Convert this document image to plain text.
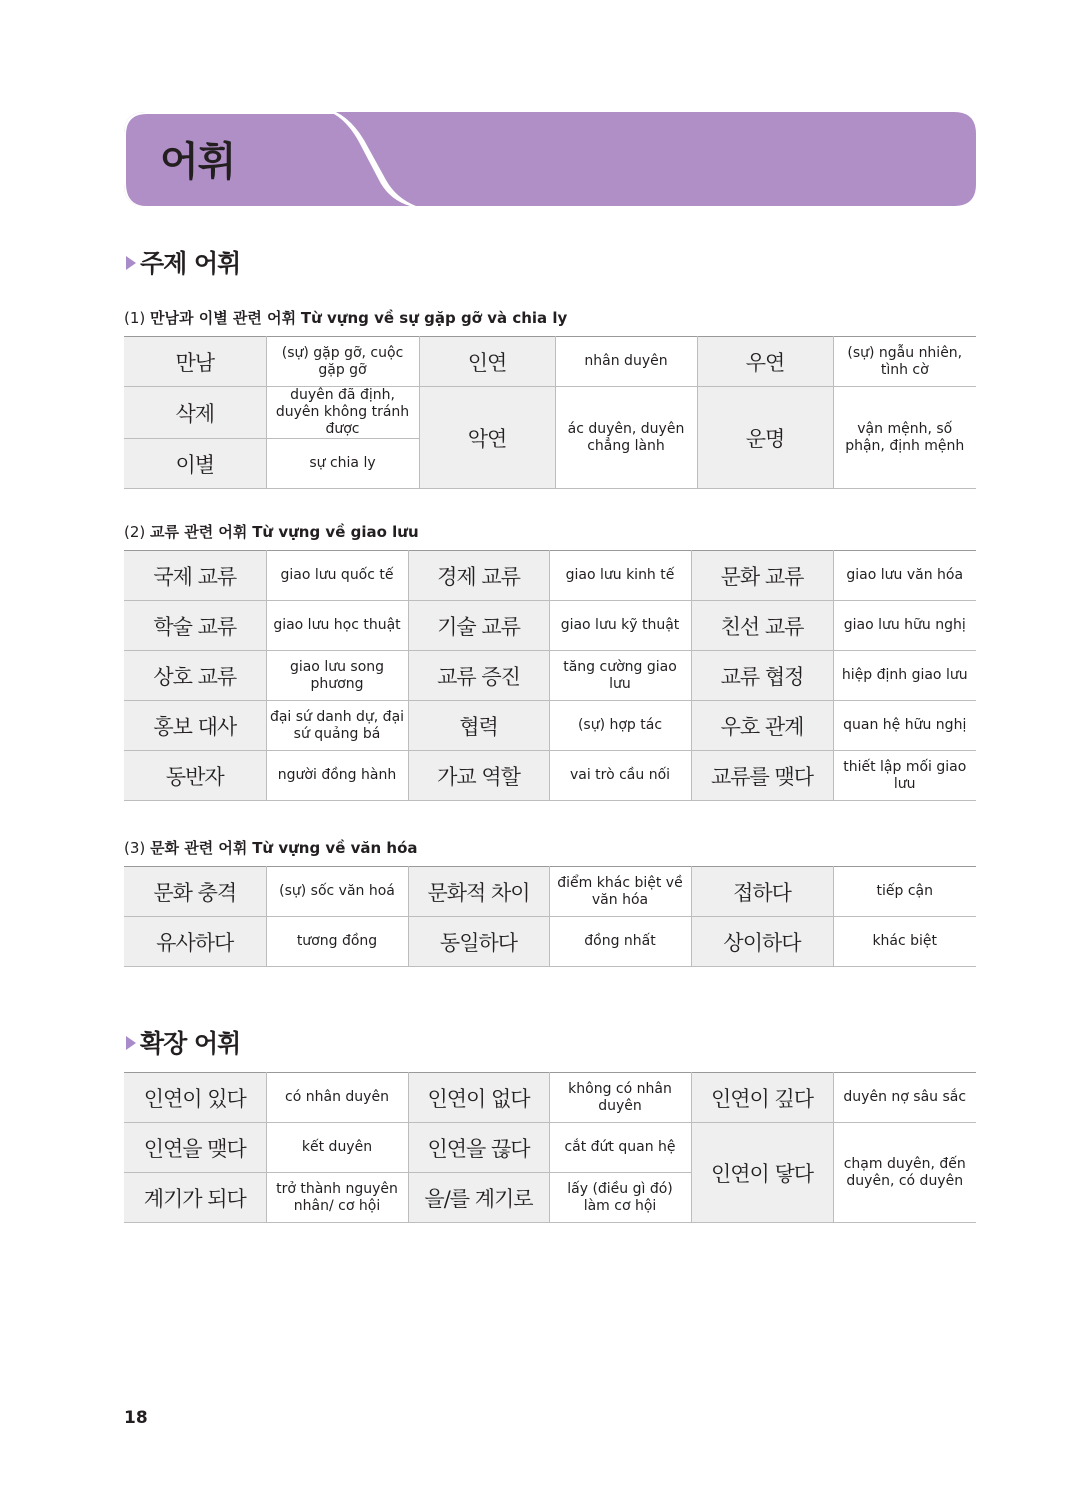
어휘
주제 어휘
(1) 만남과 이별 관련 어휘 Từ vựng về sự gặp gỡ và chia ly
만남	(sự) gặp gỡ, cuộc gặp gỡ	인연	nhân duyên	우연	(sự) ngẫu nhiên, tình cờ
삭제	duyên đã định, duyên không tránh được	악연	ác duyên, duyên chẳng lành	운명	vận mệnh, số phận, định mệnh
이별	sự chia ly				
(2) 교류 관련 어휘 Từ vựng về giao lưu
국제 교류	giao lưu quốc tế	경제 교류	giao lưu kinh tế	문화 교류	giao lưu văn hóa
학술 교류	giao lưu học thuật	기술 교류	giao lưu kỹ thuật	친선 교류	giao lưu hữu nghị
상호 교류	giao lưu song phương	교류 증진	tăng cường giao lưu	교류 협정	hiệp định giao lưu
홍보 대사	đại sứ danh dự, đại sứ quảng bá	협력	(sự) hợp tác	우호 관계	quan hệ hữu nghị
동반자	người đồng hành	가교 역할	vai trò cầu nối	교류를 맺다	thiết lập mối giao lưu
(3) 문화 관련 어휘 Từ vựng về văn hóa
문화 충격	(sự) sốc văn hoá	문화적 차이	điểm khác biệt về văn hóa	접하다	tiếp cận
유사하다	tương đồng	동일하다	đồng nhất	상이하다	khác biệt
확장 어휘
인연이 있다	có nhân duyên	인연이 없다	không có nhân duyên	인연이 깊다	duyên nợ sâu sắc
인연을 맺다	kết duyên	인연을 끊다	cắt đứt quan hệ	인연이 닿다	chạm duyên, đến duyên, có duyên
계기가 되다	trở thành nguyên nhân/ cơ hội	을/를 계기로	lấy (điều gì đó) làm cơ hội		
18
